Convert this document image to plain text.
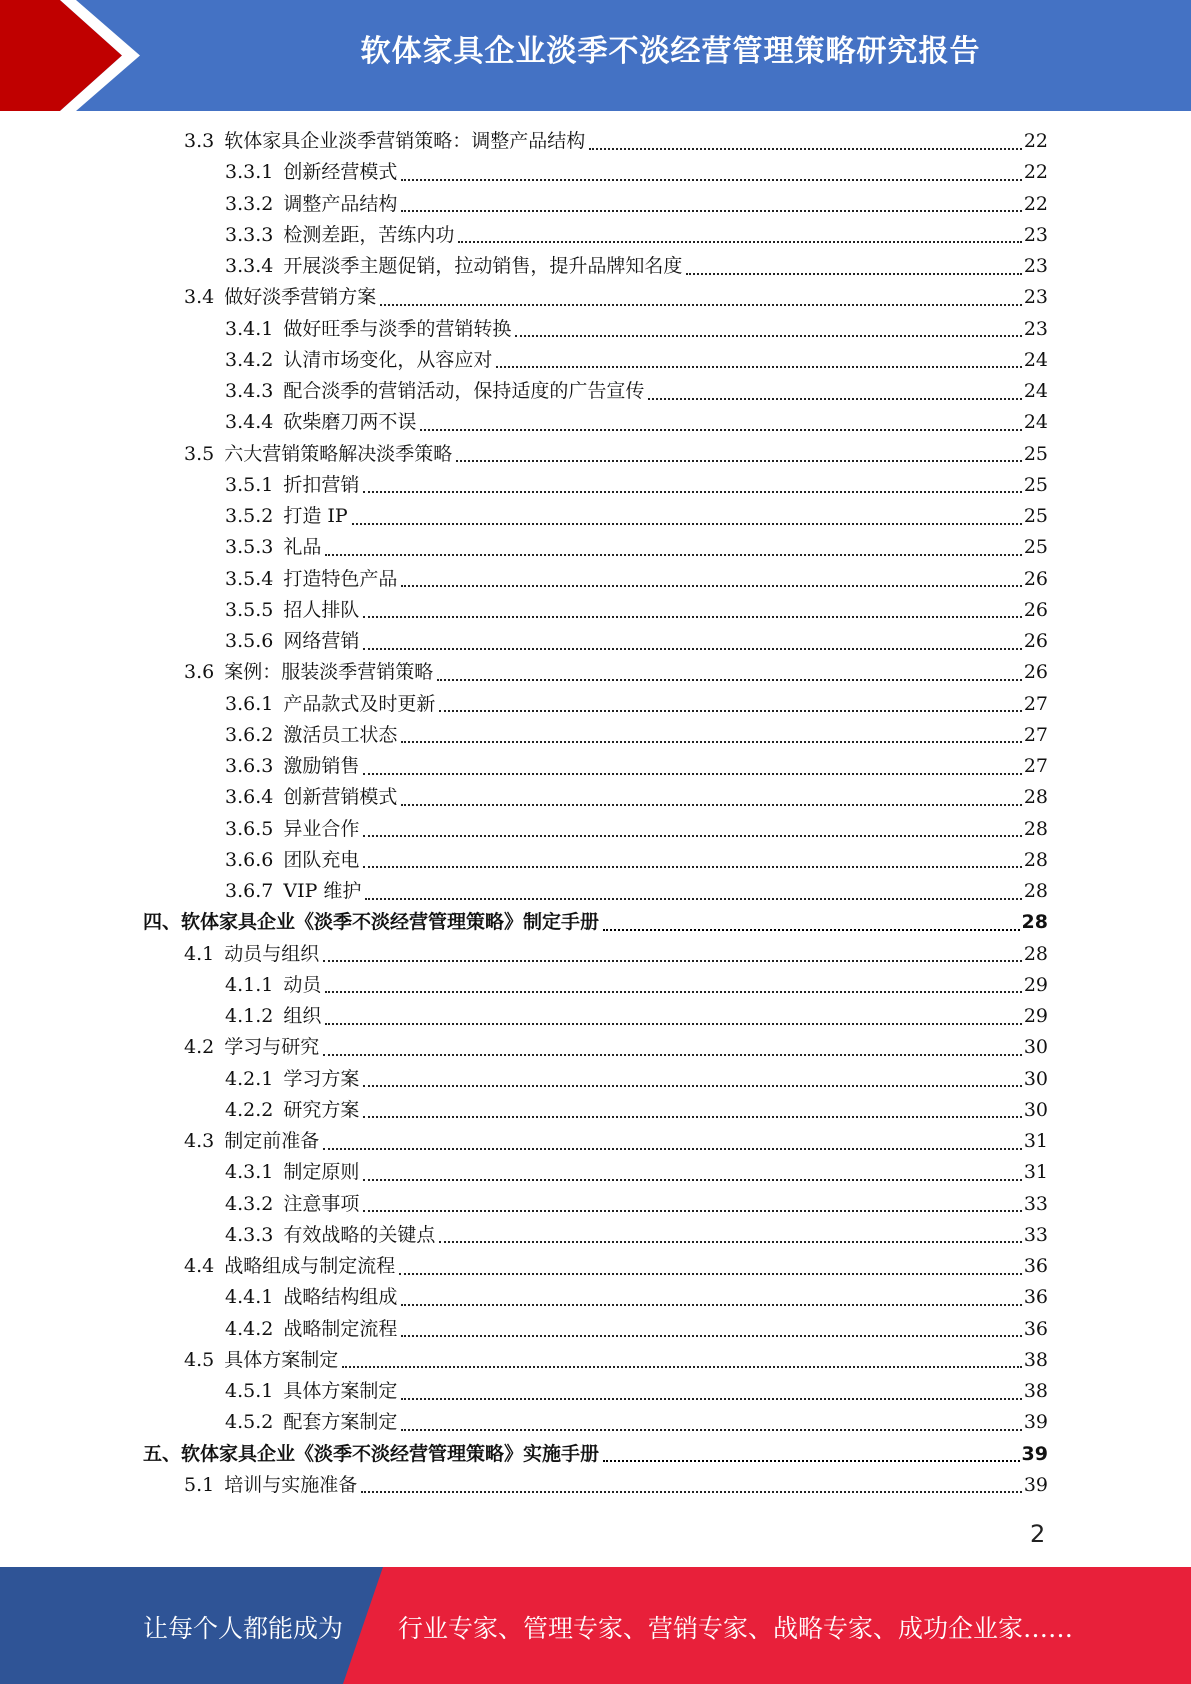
软体家具企业淡季不淡经营管理策略研究报告
3.3 软体家具企业淡季营销策略：调整产品结构	22
3.3.1 创新经营模式	22
3.3.2 调整产品结构	22
3.3.3 检测差距，苦练内功	23
3.3.4 开展淡季主题促销，拉动销售，提升品牌知名度	23
3.4 做好淡季营销方案	23
3.4.1 做好旺季与淡季的营销转换	23
3.4.2 认清市场变化，从容应对	24
3.4.3 配合淡季的营销活动，保持适度的广告宣传	24
3.4.4 砍柴磨刀两不误	24
3.5 六大营销策略解决淡季策略	25
3.5.1 折扣营销	25
3.5.2 打造 IP	25
3.5.3 礼品	25
3.5.4 打造特色产品	26
3.5.5 招人排队	26
3.5.6 网络营销	26
3.6 案例：服装淡季营销策略	26
3.6.1 产品款式及时更新	27
3.6.2 激活员工状态	27
3.6.3 激励销售	27
3.6.4 创新营销模式	28
3.6.5 异业合作	28
3.6.6 团队充电	28
3.6.7 VIP 维护	28
四、软体家具企业《淡季不淡经营管理策略》制定手册	28
4.1 动员与组织	28
4.1.1 动员	29
4.1.2 组织	29
4.2 学习与研究	30
4.2.1 学习方案	30
4.2.2 研究方案	30
4.3 制定前准备	31
4.3.1 制定原则	31
4.3.2 注意事项	33
4.3.3 有效战略的关键点	33
4.4 战略组成与制定流程	36
4.4.1 战略结构组成	36
4.4.2 战略制定流程	36
4.5 具体方案制定	38
4.5.1 具体方案制定	38
4.5.2 配套方案制定	39
五、软体家具企业《淡季不淡经营管理策略》实施手册	39
5.1 培训与实施准备	39
2
让每个人都能成为 行业专家、管理专家、营销专家、战略专家、成功企业家……
